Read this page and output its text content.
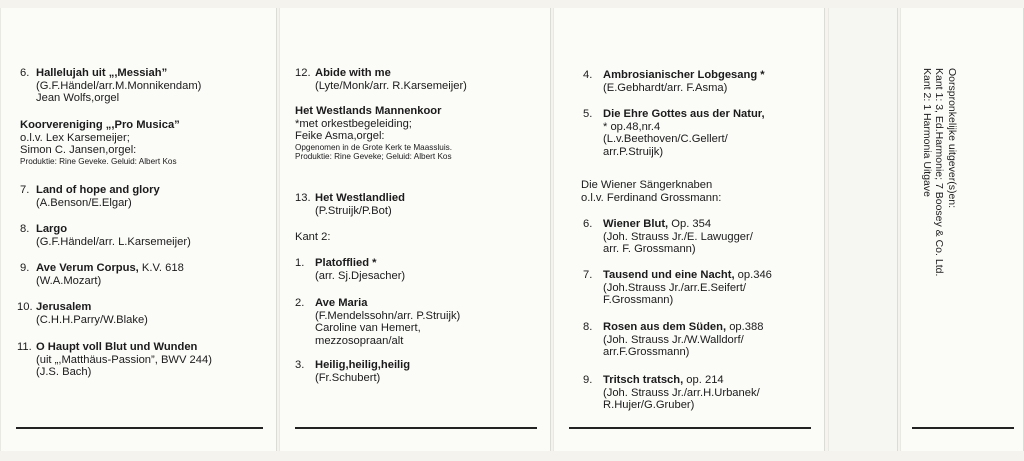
6. Hallelujah uit „,Messiah”
(G.F.Händel/arr.M.Monnikendam)
Jean Wolfs,orgel
Koorvereniging „,Pro Musica”
o.l.v. Lex Karsemeijer;
Simon C. Jansen,orgel:
Produktie: Rine Geveke. Geluid: Albert Kos
7. Land of hope and glory
(A.Benson/E.Elgar)
8. Largo
(G.F.Händel/arr. L.Karsemeijer)
9. Ave Verum Corpus, K.V. 618
(W.A.Mozart)
10. Jerusalem
(C.H.H.Parry/W.Blake)
11. O Haupt voll Blut und Wunden
(uit „,Matthäus-Passion”, BWV 244)
(J.S. Bach)
12. Abide with me
(Lyte/Monk/arr. R.Karsemeijer)
Het Westlands Mannenkoor
*met orkestbegeleiding;
Feike Asma,orgel:
Opgenomen in de Grote Kerk te Maassluis.
Produktie: Rine Geveke; Geluid: Albert Kos
13. Het Westlandlied
(P.Struijk/P.Bot)
Kant 2:
1. Platofflied *
(arr. Sj.Djesacher)
2. Ave Maria
(F.Mendelssohn/arr. P.Struijk)
Caroline van Hemert,
mezzosopraan/alt
3. Heilig,heilig,heilig
(Fr.Schubert)
4. Ambrosianischer Lobgesang *
(E.Gebhardt/arr. F.Asma)
5. Die Ehre Gottes aus der Natur,
* op.48,nr.4
(L.v.Beethoven/C.Gellert/
arr.P.Struijk)
Die Wiener Sängerknaben
o.l.v. Ferdinand Grossmann:
6. Wiener Blut, Op. 354
(Joh. Strauss Jr./E. Lawugger/
arr. F. Grossmann)
7. Tausend und eine Nacht, op.346
(Joh.Strauss Jr./arr.E.Seifert/
F.Grossmann)
8. Rosen aus dem Süden, op.388
(Joh. Strauss Jr./W.Walldorf/
arr.F.Grossmann)
9. Tritsch tratsch, op. 214
(Joh. Strauss Jr./arr.H.Urbanek/
R.Hujer/G.Gruber)
Oorspronkelijke uitgever(s)en:
Kant 1: 3, Ed.Harmonie; 7 Boosey & Co. Ltd.
Kant 2: 1 Harmonia Uitgave
